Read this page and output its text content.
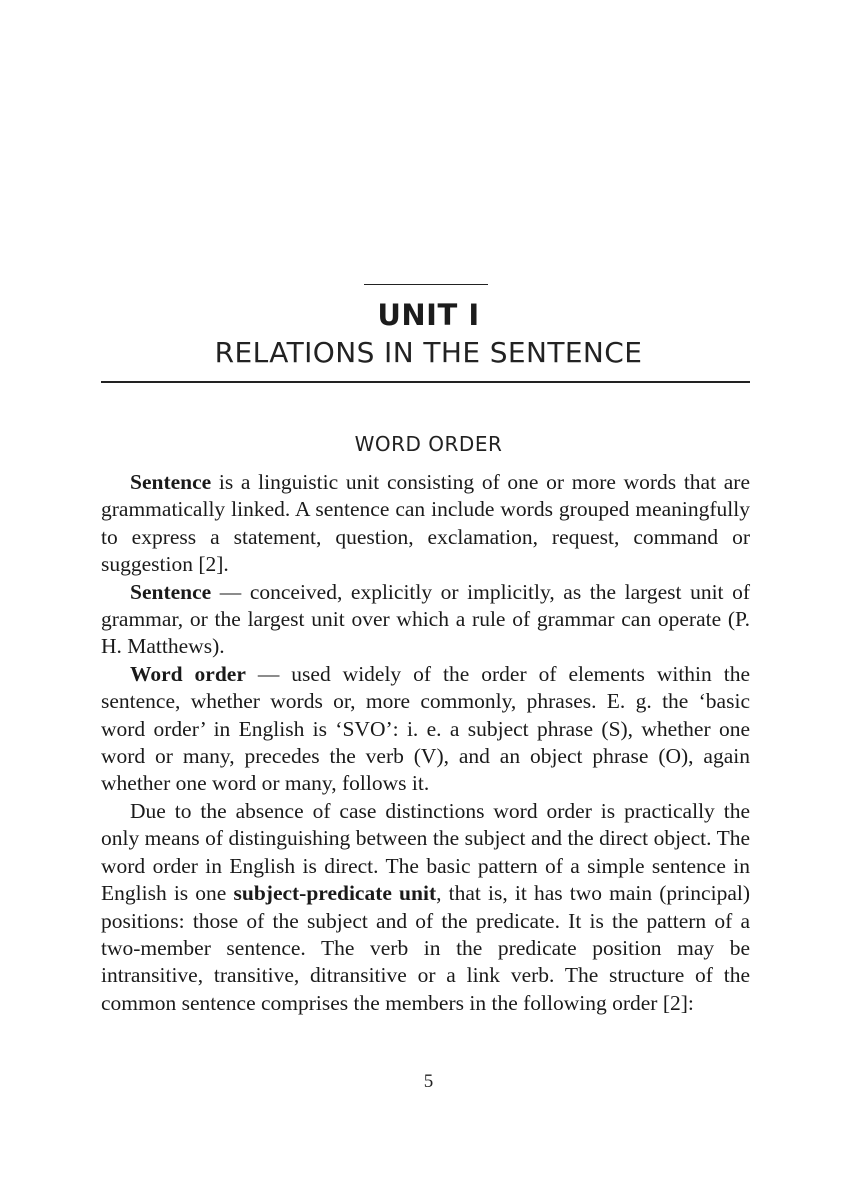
UNIT I
RELATIONS IN THE SENTENCE
WORD ORDER

Sentence is a linguistic unit consisting of one or more words that are grammatically linked. A sentence can include words grouped meaningfully to express a statement, question, exclamation, request, command or suggestion [2].

Sentence — conceived, explicitly or implicitly, as the largest unit of grammar, or the largest unit over which a rule of grammar can operate (P. H. Matthews).

Word order — used widely of the order of elements within the sentence, whether words or, more commonly, phrases. E. g. the ‘basic word order’ in English is ‘SVO’: i. e. a subject phrase (S), whether one word or many, precedes the verb (V), and an object phrase (O), again whether one word or many, follows it.

Due to the absence of case distinctions word order is practically the only means of distinguishing between the subject and the direct object. The word order in English is direct. The basic pattern of a simple sentence in English is one subject-predicate unit, that is, it has two main (principal) positions: those of the subject and of the predicate. It is the pattern of a two-member sentence. The verb in the predicate position may be intransitive, transitive, ditransitive or a link verb. The structure of the common sentence comprises the members in the following order [2]:

5
